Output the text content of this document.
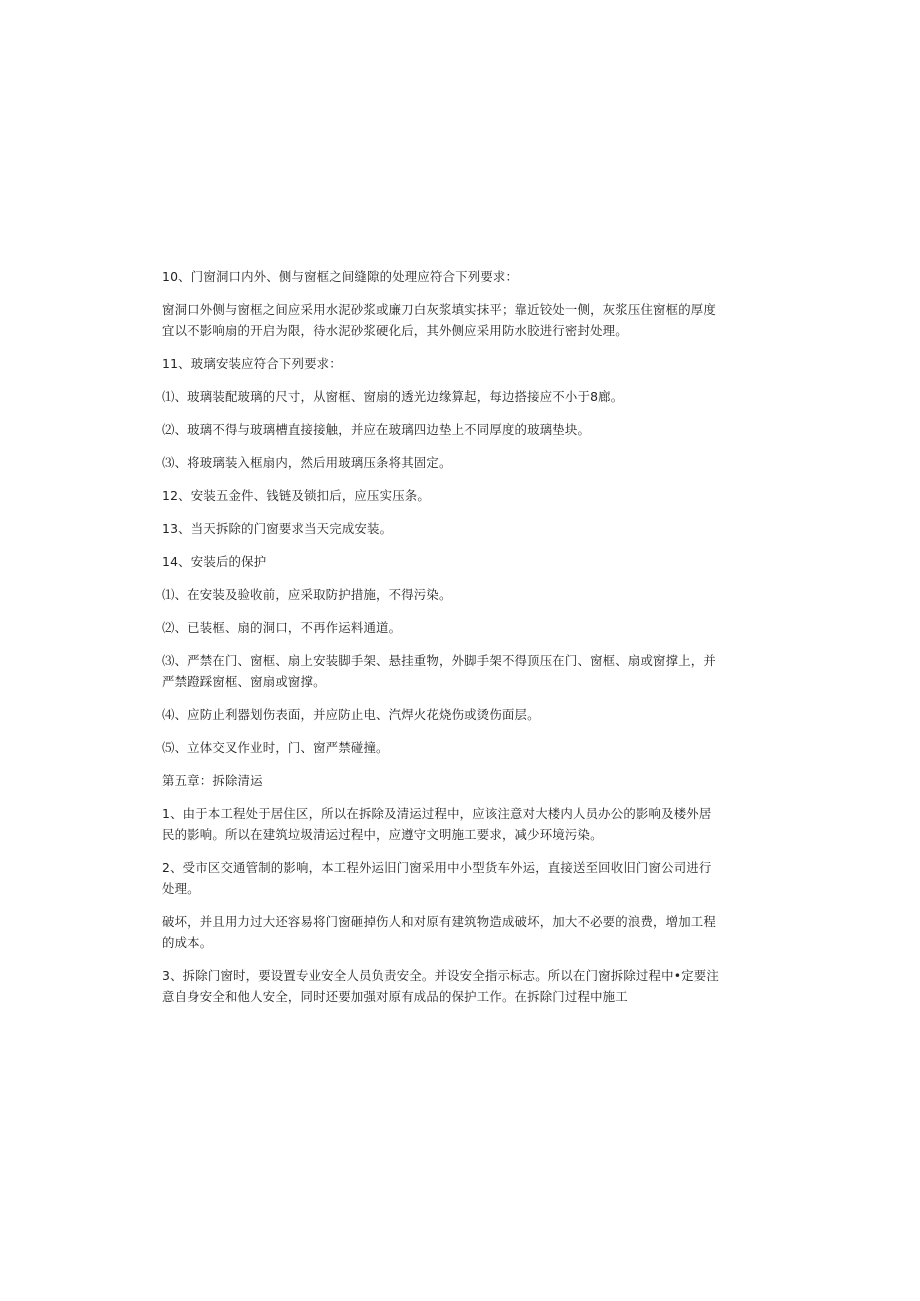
10、门窗洞口内外、侧与窗框之间缝隙的处理应符合下列要求：

窗洞口外侧与窗框之间应采用水泥砂浆或廉刀白灰浆填实抹平；靠近铰处一侧，灰浆压住窗框的厚度宜以不影响扇的开启为限，待水泥砂浆硬化后，其外侧应采用防水胶进行密封处理。

11、玻璃安装应符合下列要求：

⑴、玻璃装配玻璃的尺寸，从窗框、窗扇的透光边缘算起，每边搭接应不小于8廊。

⑵、玻璃不得与玻璃槽直接接触，并应在玻璃四边垫上不同厚度的玻璃垫块。

⑶、将玻璃装入框扇内，然后用玻璃压条将其固定。

12、安装五金件、钱链及锁扣后，应压实压条。

13、当天拆除的门窗要求当天完成安装。

14、安装后的保护

⑴、在安装及验收前，应采取防护措施，不得污染。

⑵、已装框、扇的洞口，不再作运料通道。

⑶、严禁在门、窗框、扇上安装脚手架、悬挂重物，外脚手架不得顶压在门、窗框、扇或窗撑上，并严禁蹬踩窗框、窗扇或窗撑。

⑷、应防止利器划伤表面，并应防止电、汽焊火花烧伤或烫伤面层。

⑸、立体交叉作业时，门、窗严禁碰撞。

第五章：拆除清运

1、由于本工程处于居住区，所以在拆除及清运过程中，应该注意对大楼内人员办公的影响及楼外居民的影响。所以在建筑垃圾清运过程中，应遵守文明施工要求，减少环境污染。

2、受市区交通管制的影响，本工程外运旧门窗采用中小型货车外运，直接送至回收旧门窗公司进行处理。

破坏，并且用力过大还容易将门窗砸掉伤人和对原有建筑物造成破坏，加大不必要的浪费，增加工程的成本。

3、拆除门窗时，要设置专业安全人员负责安全。并设安全指示标志。所以在门窗拆除过程中•定要注意自身安全和他人安全，同时还要加强对原有成品的保护工作。在拆除门过程中施工
